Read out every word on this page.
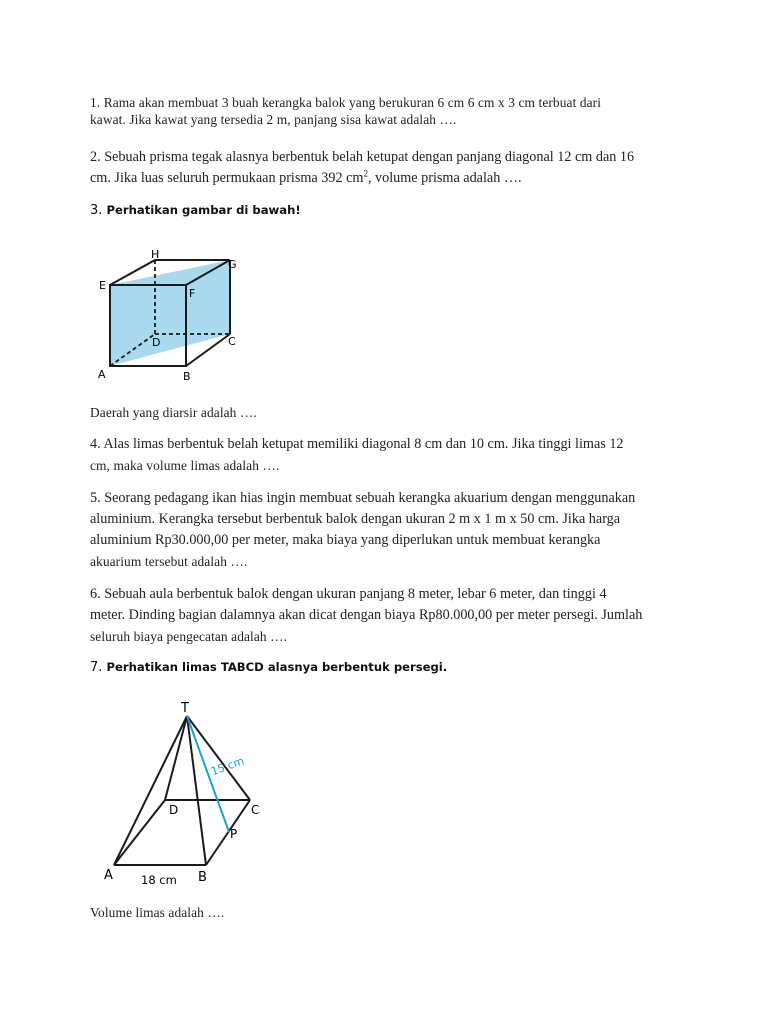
1. Rama akan membuat 3 buah kerangka balok yang berukuran 6 cm 6 cm x 3 cm terbuat dari
kawat. Jika kawat yang tersedia 2 m, panjang sisa kawat adalah ….
2. Sebuah prisma tegak alasnya berbentuk belah ketupat dengan panjang diagonal 12 cm dan 16
cm. Jika luas seluruh permukaan prisma 392 $cm^2$, volume prisma adalah ….
3. Perhatikan gambar di bawah!
H
G
E
F
D	C
A	B
Daerah yang diarsir adalah ….
4. Alas limas berbentuk belah ketupat memiliki diagonal 8 cm dan 10 cm. Jika tinggi limas 12
cm, maka volume limas adalah ….
5. Seorang pedagang ikan hias ingin membuat sebuah kerangka akuarium dengan menggunakan
aluminium. Kerangka tersebut berbentuk balok dengan ukuran 2 m x 1 m x 50 cm. Jika harga
aluminium Rp30.000,00 per meter, maka biaya yang diperlukan untuk membuat kerangka
akuarium tersebut adalah ….
6. Sebuah aula berbentuk balok dengan ukuran panjang 8 meter, lebar 6 meter, dan tinggi 4
meter. Dinding bagian dalamnya akan dicat dengan biaya Rp80.000,00 per meter persegi. Jumlah
seluruh biaya pengecatan adalah ….
7. Perhatikan limas TABCD alasnya berbentuk persegi.
15 cm
T
D	C
P
A	B
18 cm
Volume limas adalah ….
